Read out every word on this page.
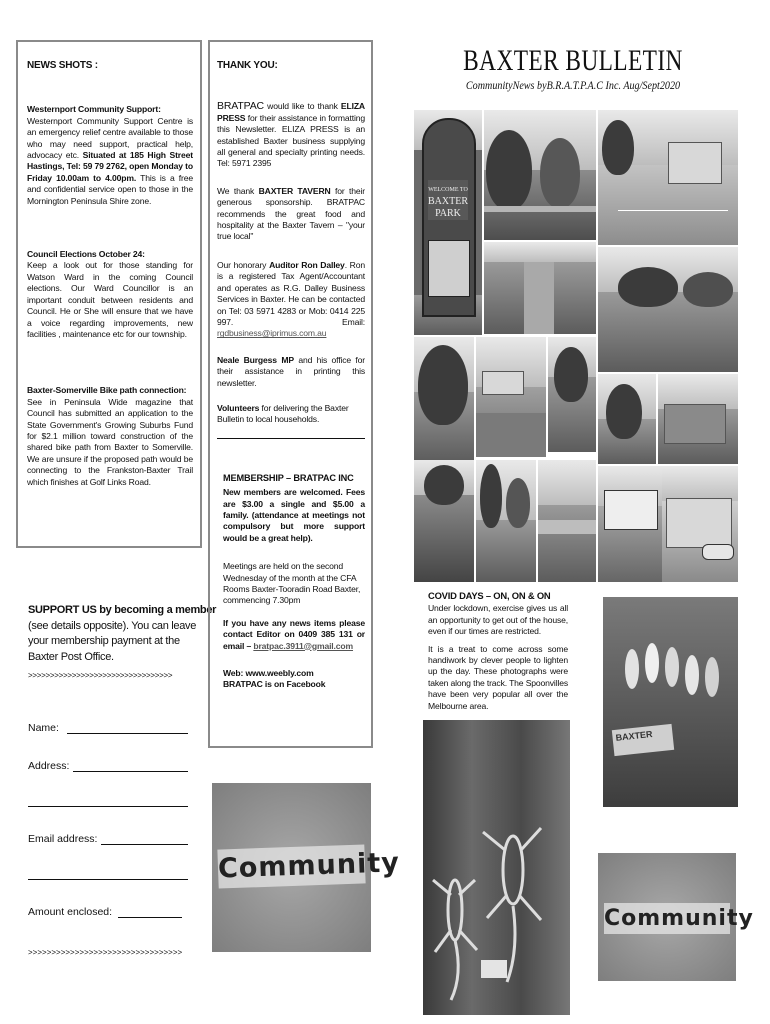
BAXTER BULLETIN
CommunityNews byB.R.A.T.P.A.C Inc. Aug/Sept2020
NEWS SHOTS :

Westernport Community Support:

Westernport Community Support Centre is an emergency relief centre available to those who may need support, practical help, advocacy etc. Situated at 185 High Street Hastings, Tel: 59 79 2762, open Monday to Friday 10.00am to 4.00pm. This is a free and confidential service open to those in the Mornington Peninsula Shire zone.

Council Elections October 24:

Keep a look out for those standing for Watson Ward in the coming Council elections. Our Ward Councillor is an important conduit between residents and Council. He or She will ensure that we have a voice regarding improvements, new facilities , maintenance etc for our township.

Baxter-Somerville Bike path connection:

See in Peninsula Wide magazine that Council has submitted an application to the State Government's Growing Suburbs Fund for $2.1 million toward construction of the shared bike path from Baxter to Somerville. We are unsure if the proposed path would be connecting to the Frankston-Baxter Trail which finishes at Golf Links Road.

SUPPORT US by becoming a member
(see details opposite). You can leave your membership payment at the Baxter Post Office.
>>>>>>>>>>>>>>>>>>>>>>>>>>>>>>>>>
Name:
Address:
Email address:
Amount enclosed:
>>>>>>>>>>>>>>>>>>>>>>>>>>>>>>>>>
THANK YOU:

BRATPAC would like to thank ELIZA PRESS for their assistance in formatting this Newsletter. ELIZA PRESS is an established Baxter business supplying all general and specialty printing needs. Tel: 5971 2395

We thank BAXTER TAVERN for their generous sponsorship. BRATPAC recommends the great food and hospitality at the Baxter Tavern – "your true local"

Our honorary Auditor Ron Dalley. Ron is a registered Tax Agent/Accountant and operates as R.G. Dalley Business Services in Baxter. He can be contacted on Tel: 03 5971 4283 or Mob: 0414 225 997.	Email: rgdbusiness@iprimus.com.au

Neale Burgess MP and his office for their assistance in printing this newsletter.

Volunteers for delivering the Baxter Bulletin to local households.

MEMBERSHIP – BRATPAC INC

New members are welcomed. Fees are $3.00 a single and $5.00 a family. (attendance at meetings not compulsory but more support would be a great help).

Meetings are held on the second Wednesday of the month at the CFA Rooms Baxter-Tooradin Road Baxter, commencing 7.30pm

If you have any news items please contact Editor on 0409 385 131 or email – bratpac.3911@gmail.com

Web: www.weebly.com

BRATPAC is on Facebook

COVID DAYS – ON, ON & ON

Under lockdown, exercise gives us all an opportunity to get out of the house, even if our times are restricted.

It is a treat to come across some handiwork by clever people to lighten up the day. These photographs were taken along the track. The Spoonvilles have been very popular all over the Melbourne area.

WELCOME TO
BAXTER PARK
BAXTER
Community
Community
